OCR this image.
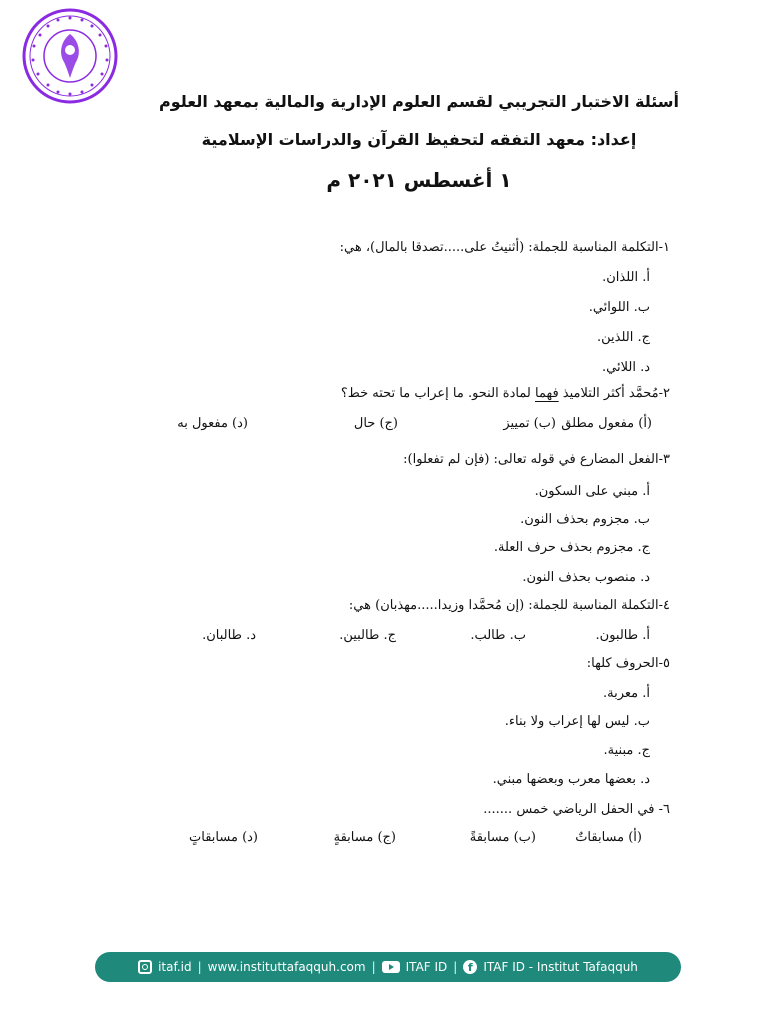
أسئلة الاختبار التجريبي لقسم العلوم الإدارية والمالية بمعهد العلوم
إعداد: معهد التفقه لتحفيظ القرآن والدراسات الإسلامية
١ أغسطس ٢٠٢١ م
١-التكلمة المناسبة للجملة: (أثنيتُ على.....تصدقا بالمال)، هي:
أ. اللذان.
ب. اللوائي.
ج. اللذين.
د. اللائي.
٢-مُحمَّد أكثر التلاميذ فهما لمادة النحو. ما إعراب ما تحته خط؟
(أ) مفعول مطلق
(ب) تمييز
(ج) حال
(د) مفعول به
٣-الفعل المضارع في قوله تعالى: (فإن لم تفعلوا):
أ. مبني على السكون.
ب. مجزوم بحذف النون.
ج. مجزوم بحذف حرف العلة.
د. منصوب بحذف النون.
٤-التكملة المناسبة للجملة: (إن مُحمَّدا وزيدا.....مهذبان) هي:
أ. طالبون.
ب. طالب.
ج. طالبين.
د. طالبان.
٥-الحروف كلها:
أ. معربة.
ب. ليس لها إعراب ولا بناء.
ج. مبنية.
د. بعضها معرب وبعضها مبني.
٦- في الحفل الرياضي خمس .......
(أ) مسابقاتٌ
(ب) مسابقةً
(ج) مسابقةٍ
(د) مسابقاتٍ
itaf.id | www.instituttafaqquh.com |	ITAF ID | f ITAF ID - Institut Tafaqquh
